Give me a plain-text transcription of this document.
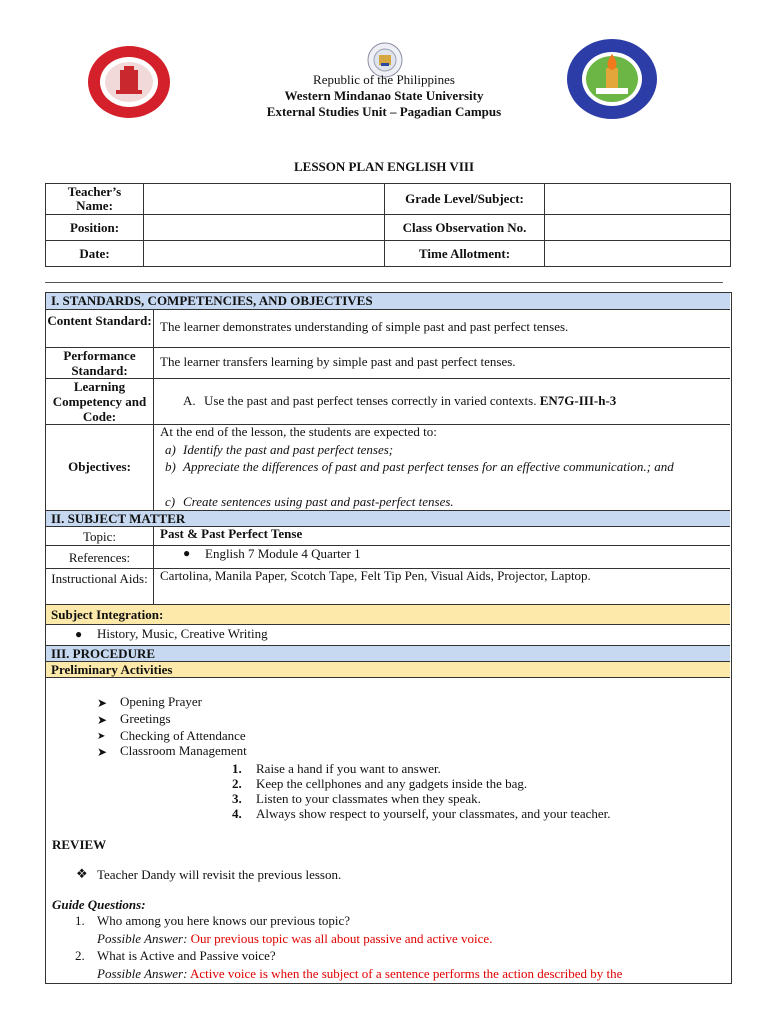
Republic of the Philippines
Western Mindanao State University
External Studies Unit – Pagadian Campus
LESSON PLAN ENGLISH VIII
Teacher’s Name:		Grade Level/Subject:	
Position:		Class Observation No.	
Date:		Time Allotment:	
I. STANDARDS, COMPETENCIES, AND OBJECTIVES
Content Standard: The learner demonstrates understanding of simple past and past perfect tenses.
Performance Standard:
The learner transfers learning by simple past and past perfect tenses.
Learning Competency and Code:
A. Use the past and past perfect tenses correctly in varied contexts. EN7G-III-h-3
Objectives:
At the end of the lesson, the students are expected to:
a) Identify the past and past perfect tenses;
b) Appreciate the differences of past and past perfect tenses for an effective communication.; and
c) Create sentences using past and past-perfect tenses.
II. SUBJECT MATTER
Topic:	Past & Past Perfect Tense
References:	● English 7 Module 4 Quarter 1
Instructional Aids: Cartolina, Manila Paper, Scotch Tape, Felt Tip Pen, Visual Aids, Projector, Laptop.
Subject Integration:
● History, Music, Creative Writing
III. PROCEDURE
Preliminary Activities
➤ Opening Prayer
➤ Greetings
➤ Checking of Attendance
➤ Classroom Management
1. Raise a hand if you want to answer.
2. Keep the cellphones and any gadgets inside the bag.
3. Listen to your classmates when they speak.
4. Always show respect to yourself, your classmates, and your teacher.
REVIEW
❖ Teacher Dandy will revisit the previous lesson.
Guide Questions:
1. Who among you here knows our previous topic?
Possible Answer: Our previous topic was all about passive and active voice.
2. What is Active and Passive voice?
Possible Answer: Active voice is when the subject of a sentence performs the action described by the
